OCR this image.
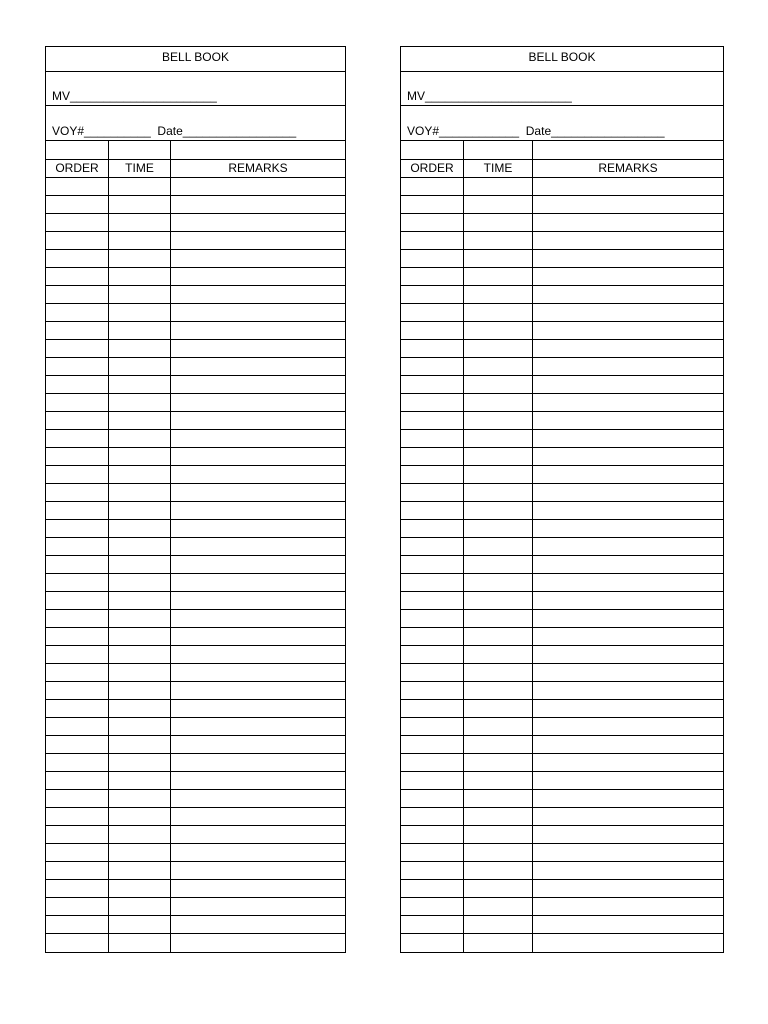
BELL BOOK
MV______________________
VOY#__________  Date_________________
ORDER	TIME	REMARKS
BELL BOOK
MV______________________
VOY#____________  Date_________________
ORDER	TIME	REMARKS
